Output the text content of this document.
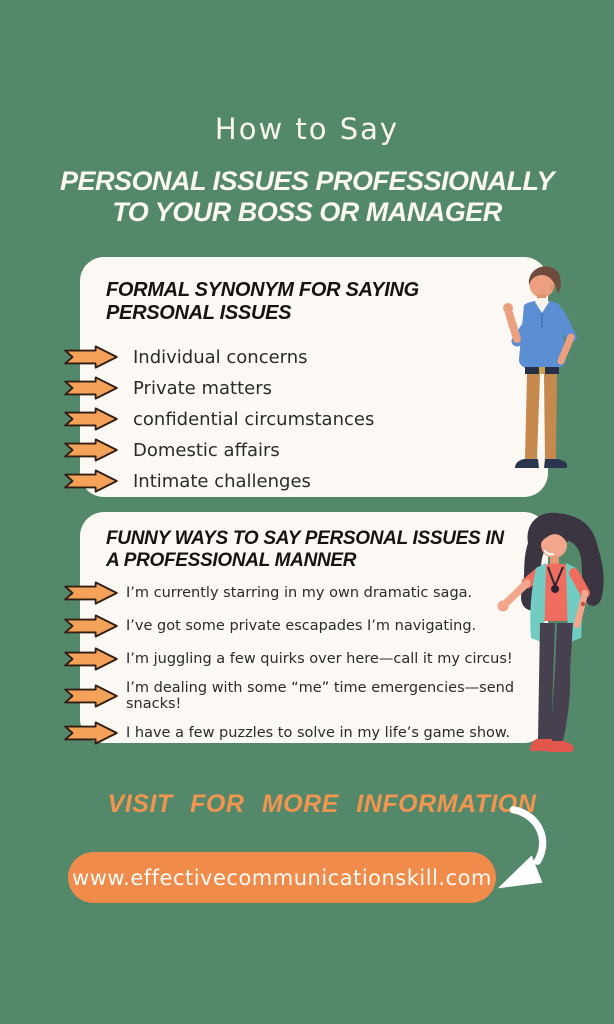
How to Say
PERSONAL ISSUES PROFESSIONALLY
TO YOUR BOSS OR MANAGER
FORMAL SYNONYM FOR SAYING PERSONAL ISSUES
Individual concerns
Private matters
confidential circumstances
Domestic affairs
Intimate challenges
FUNNY WAYS TO SAY PERSONAL ISSUES IN A PROFESSIONAL MANNER
I’m currently starring in my own dramatic saga.
I’ve got some private escapades I’m navigating.
I’m juggling a few quirks over here—call it my circus!
I’m dealing with some “me” time emergencies—send snacks!
I have a few puzzles to solve in my life’s game show.
VISIT FOR MORE INFORMATION
www.effectivecommunicationskill.com
